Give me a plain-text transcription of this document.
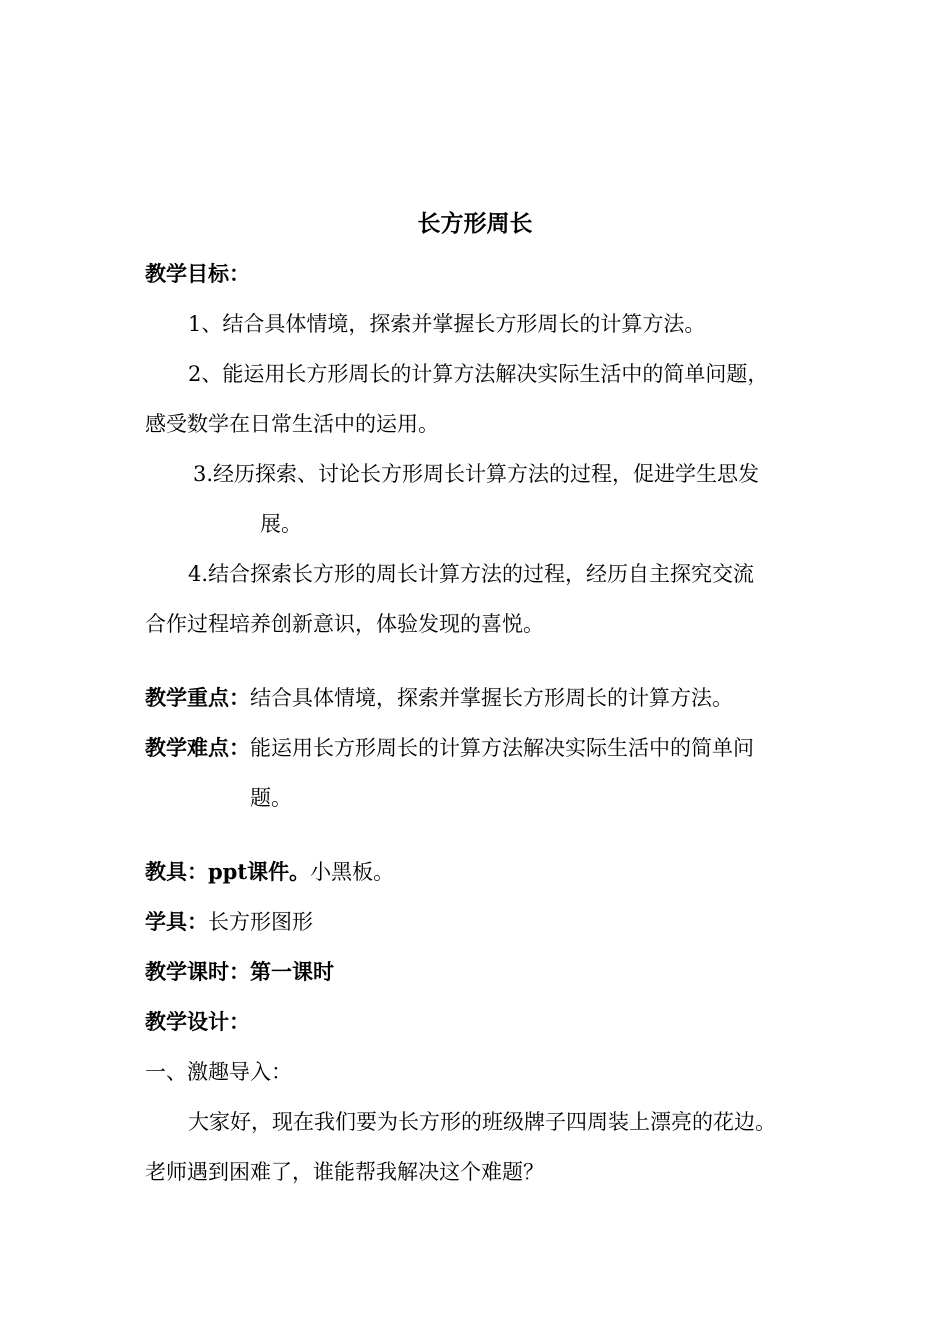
长方形周长
教学目标：
1、结合具体情境，探索并掌握长方形周长的计算方法。
2、能运用长方形周长的计算方法解决实际生活中的简单问题，
感受数学在日常生活中的运用。
3.经历探索、讨论长方形周长计算方法的过程，促进学生思发
展。
4.结合探索长方形的周长计算方法的过程，经历自主探究交流
合作过程培养创新意识，体验发现的喜悦。
教学重点：结合具体情境，探索并掌握长方形周长的计算方法。
教学难点：能运用长方形周长的计算方法解决实际生活中的简单问
题。
教具：ppt课件。小黑板。
学具：长方形图形
教学课时：第一课时
教学设计：
一、激趣导入：
大家好，现在我们要为长方形的班级牌子四周装上漂亮的花边。
老师遇到困难了，谁能帮我解决这个难题？
